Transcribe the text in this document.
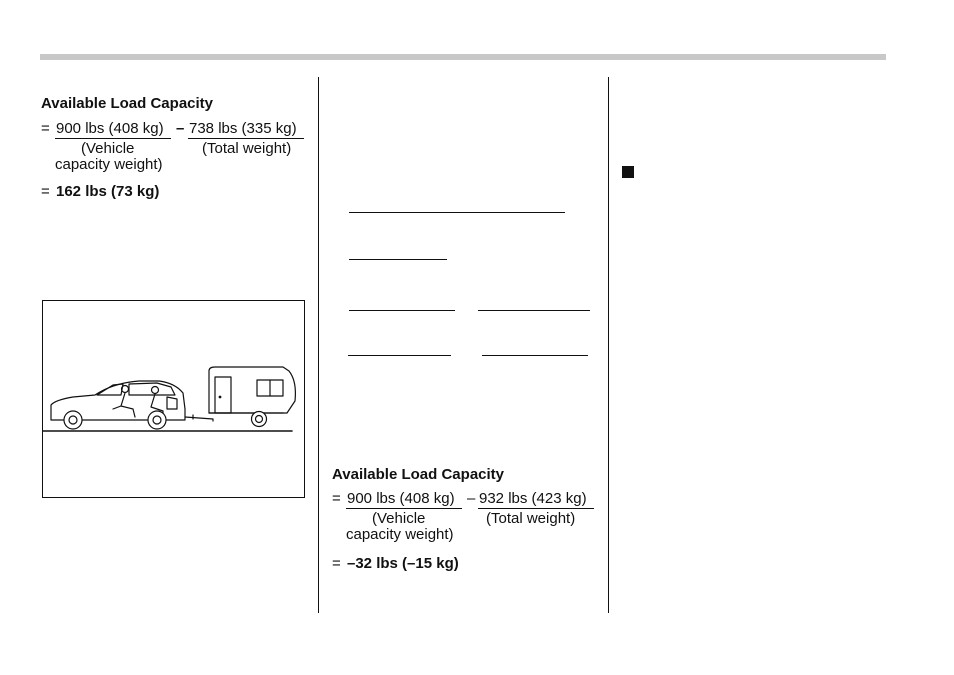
Available Load Capacity
= 900 lbs (408 kg) – 738 lbs (335 kg)
(Vehicle
capacity weight)
(Total weight)
= 162 lbs (73 kg)
Available Load Capacity
= 900 lbs (408 kg) – 932 lbs (423 kg)
(Vehicle
capacity weight)
(Total weight)
= –32 lbs (–15 kg)
